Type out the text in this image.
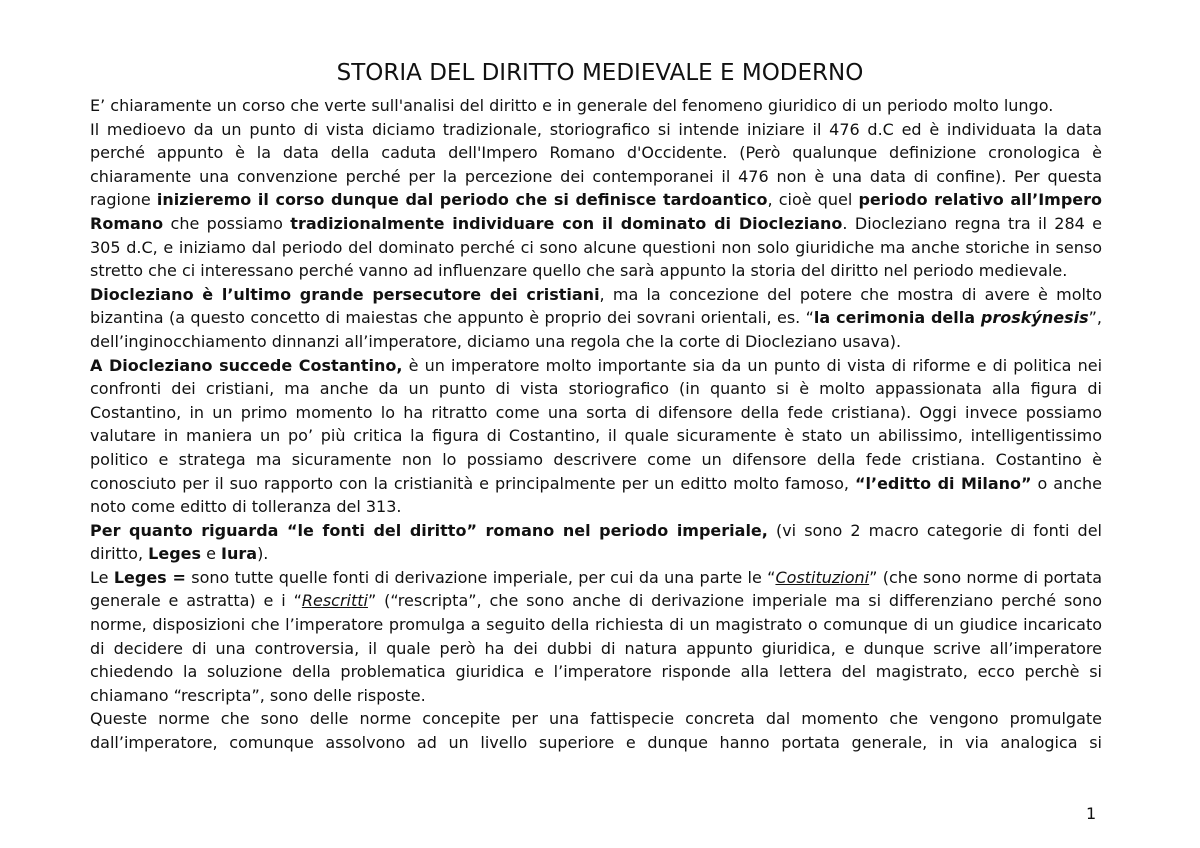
STORIA DEL DIRITTO MEDIEVALE E MODERNO

E’ chiaramente un corso che verte sull'analisi del diritto e in generale del fenomeno giuridico di un periodo molto lungo.

Il medioevo da un punto di vista diciamo tradizionale, storiografico si intende iniziare il 476 d.C ed è individuata la data perché appunto è la data della caduta dell'Impero Romano d'Occidente. (Però qualunque definizione cronologica è chiaramente una convenzione perché per la percezione dei contemporanei il 476 non è una data di confine). Per questa ragione inizieremo il corso dunque dal periodo che si definisce tardoantico, cioè quel periodo relativo all’Impero Romano che possiamo tradizionalmente individuare con il dominato di Diocleziano. Diocleziano regna tra il 284 e 305 d.C, e iniziamo dal periodo del dominato perché ci sono alcune questioni non solo giuridiche ma anche storiche in senso stretto che ci interessano perché vanno ad influenzare quello che sarà appunto la storia del diritto nel periodo medievale.

Diocleziano è l’ultimo grande persecutore dei cristiani, ma la concezione del potere che mostra di avere è molto bizantina (a questo concetto di maiestas che appunto è proprio dei sovrani orientali, es. “la cerimonia della proskýnesis”, dell’inginocchiamento dinnanzi all’imperatore, diciamo una regola che la corte di Diocleziano usava).

A Diocleziano succede Costantino, è un imperatore molto importante sia da un punto di vista di riforme e di politica nei confronti dei cristiani, ma anche da un punto di vista storiografico (in quanto si è molto appassionata alla figura di Costantino, in un primo momento lo ha ritratto come una sorta di difensore della fede cristiana). Oggi invece possiamo valutare in maniera un po’ più critica la figura di Costantino, il quale sicuramente è stato un abilissimo, intelligentissimo politico e stratega ma sicuramente non lo possiamo descrivere come un difensore della fede cristiana. Costantino è conosciuto per il suo rapporto con la cristianità e principalmente per un editto molto famoso, “l’editto di Milano” o anche noto come editto di tolleranza del 313.

Per quanto riguarda “le fonti del diritto” romano nel periodo imperiale, (vi sono 2 macro categorie di fonti del diritto, Leges e Iura).

Le Leges = sono tutte quelle fonti di derivazione imperiale, per cui da una parte le “Costituzioni” (che sono norme di portata generale e astratta) e i “Rescritti” (“rescripta”, che sono anche di derivazione imperiale ma si differenziano perché sono norme, disposizioni che l’imperatore promulga a seguito della richiesta di un magistrato o comunque di un giudice incaricato di decidere di una controversia, il quale però ha dei dubbi di natura appunto giuridica, e dunque scrive all’imperatore chiedendo la soluzione della problematica giuridica e l’imperatore risponde alla lettera del magistrato, ecco perchè si chiamano “rescripta”, sono delle risposte.

Queste norme che sono delle norme concepite per una fattispecie concreta dal momento che vengono promulgate dall’imperatore, comunque assolvono ad un livello superiore e dunque hanno portata generale, in via analogica si

1
